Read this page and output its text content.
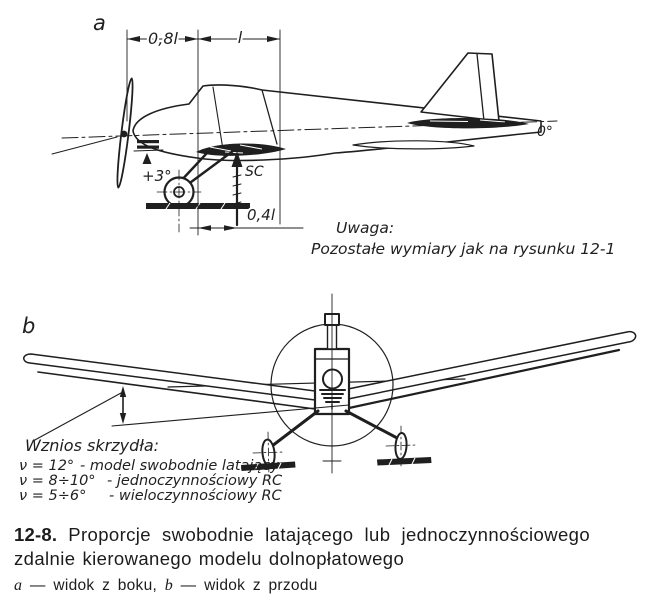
0,8l	l
0,4l
a
+3°	SC
0°
Uwaga:
Pozostałe wymiary jak na rysunku 12-1
b
Wznios skrzydła:
ν = 12° - model swobodnie latający
ν = 8÷10° - jednoczynnościowy RC
ν = 5÷6° - wieloczynnościowy RC

12-8. Proporcje swobodnie latającego lub jednoczynnościowego

zdalnie kierowanego modelu dolnopłatowego

a — widok z boku, b — widok z przodu
